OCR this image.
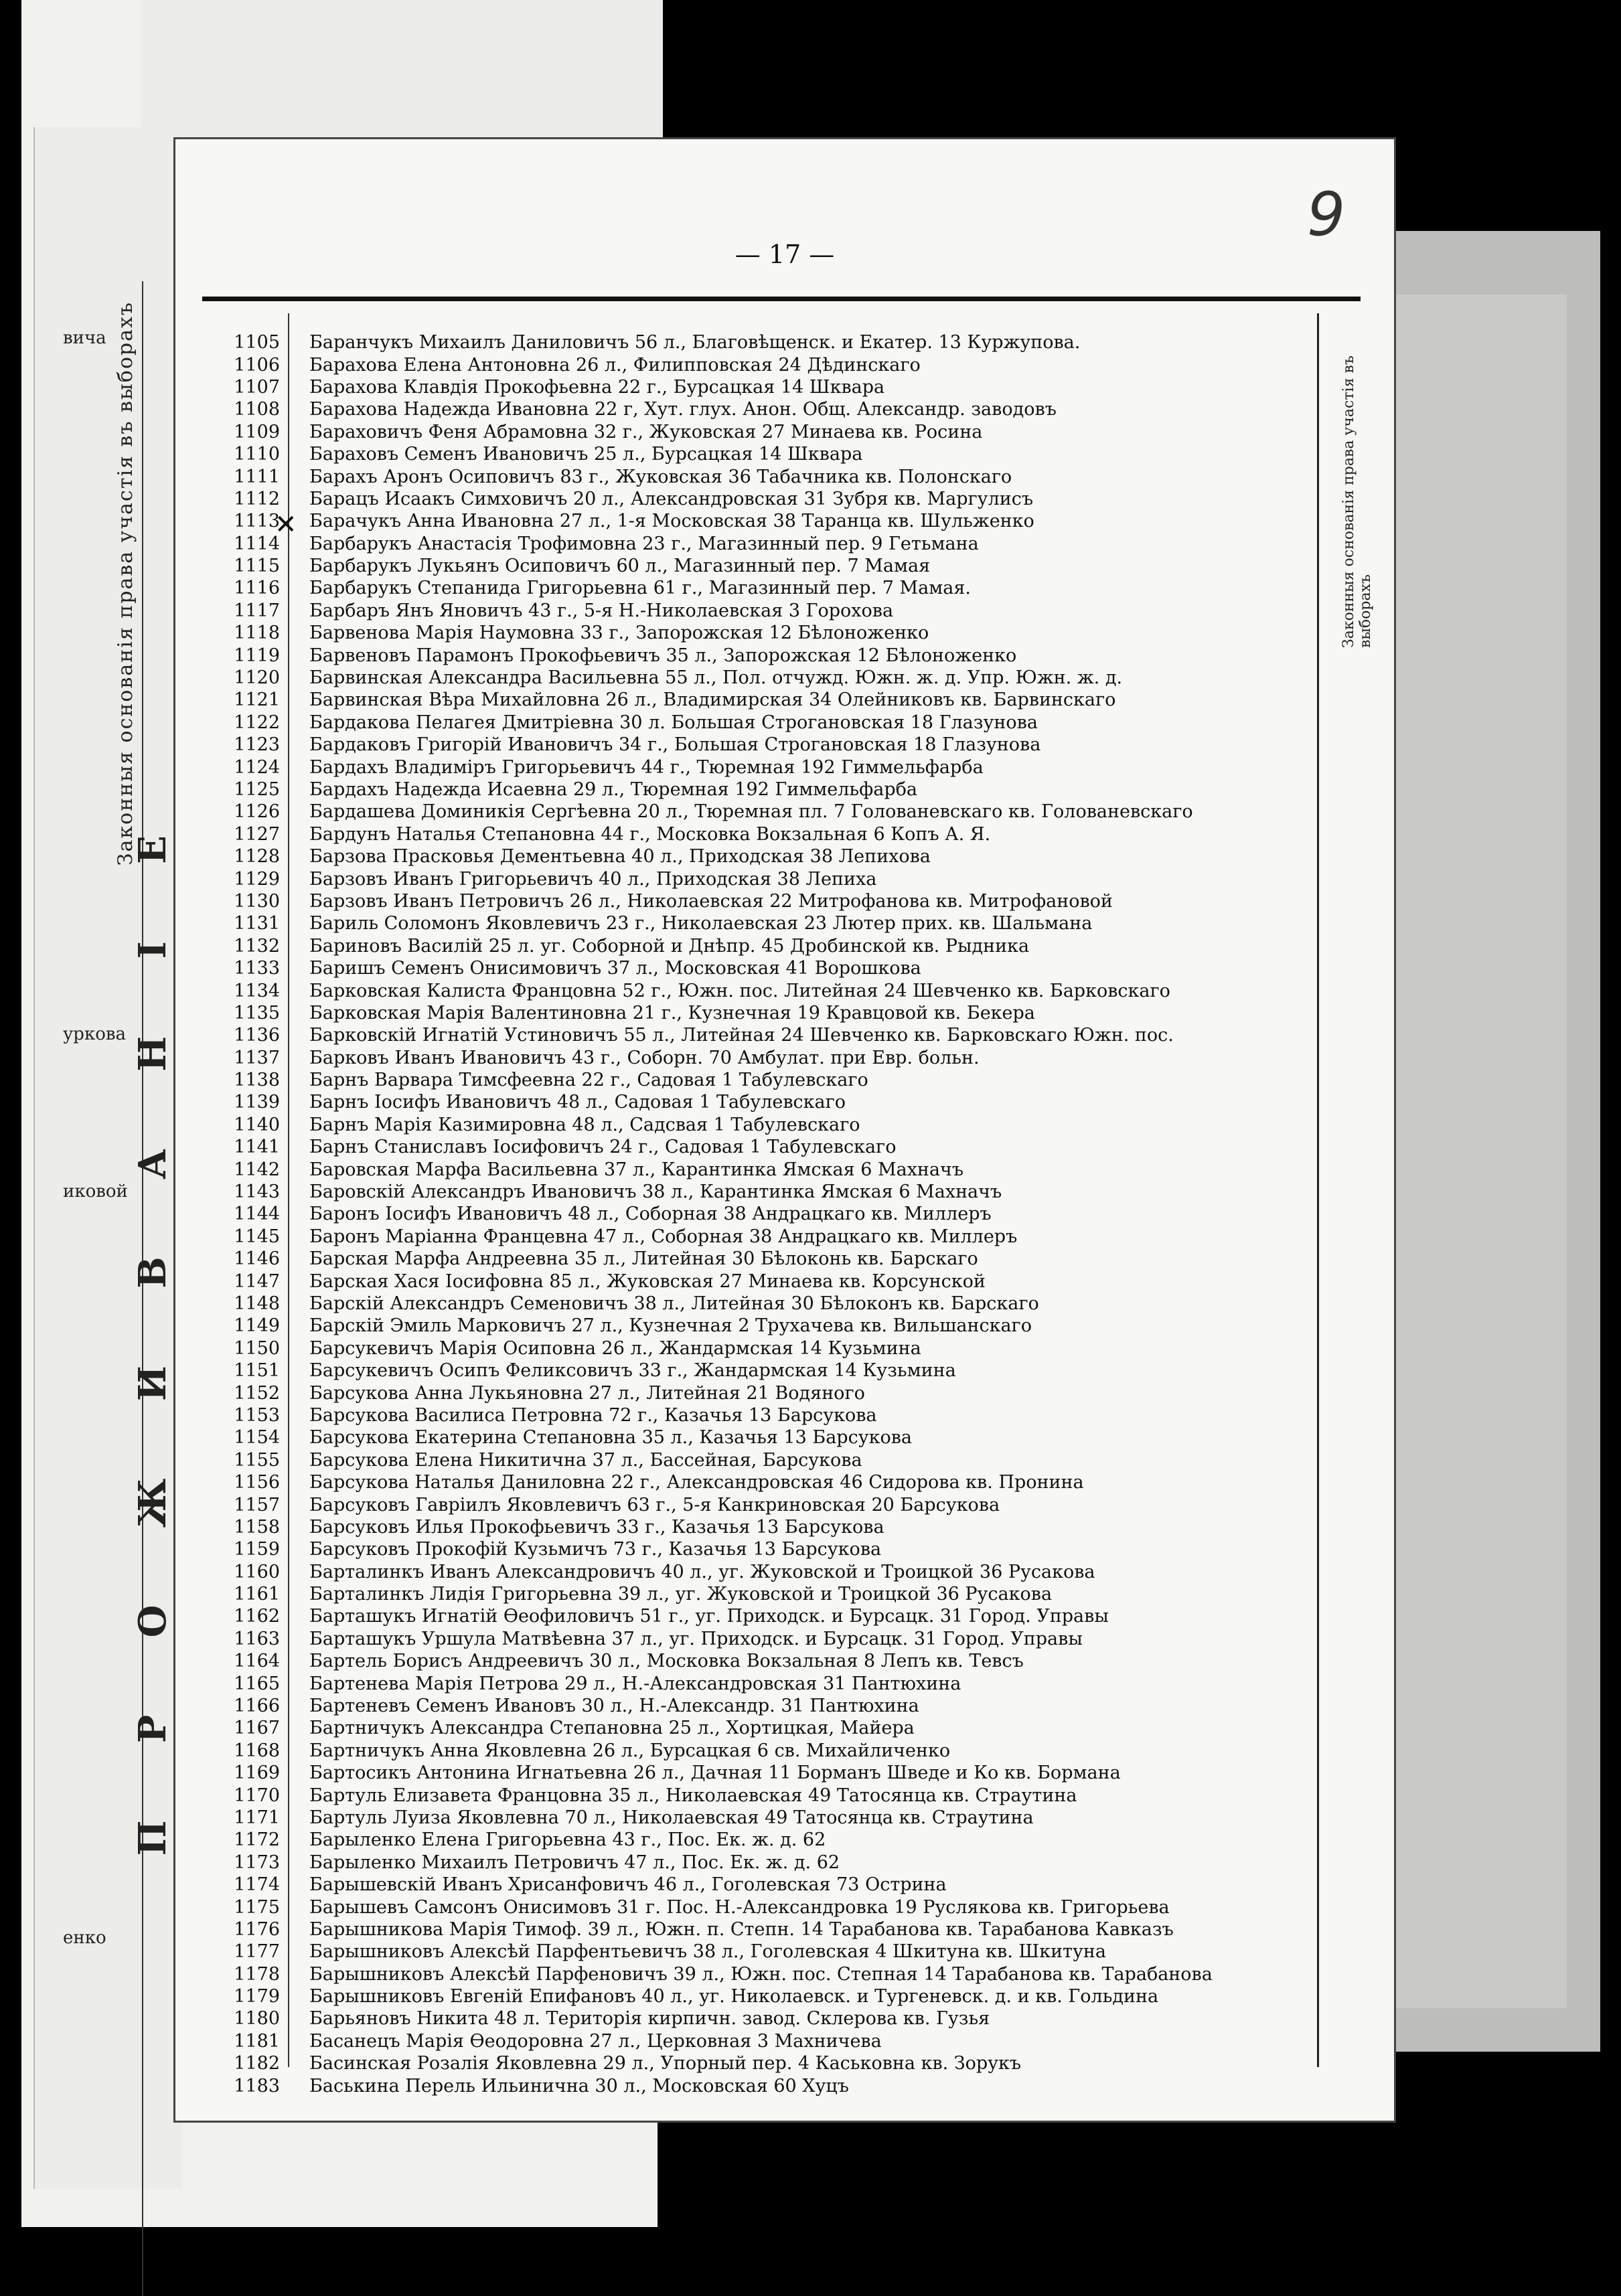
вича
уркова
иковой
енко
Законныя основанія права участія въ выборахъ
П Р О Ж И В А Н І Е
9
— 17 —
Законныя основанія права участія въ выборахъ
✕
1105	Баранчукъ Михаилъ Даниловичъ 56 л., Благовѣщенск. и Екатер. 13 Куржупова.
1106	Барахова Елена Антоновна 26 л., Филипповская 24 Дѣдинскаго
1107	Барахова Клавдія Прокофьевна 22 г., Бурсацкая 14 Шквара
1108	Барахова Надежда Ивановна 22 г, Хут. глух. Анон. Общ. Александр. заводовъ
1109	Бараховичъ Феня Абрамовна 32 г., Жуковская 27 Минаева кв. Росина
1110	Бараховъ Семенъ Ивановичъ 25 л., Бурсацкая 14 Шквара
1111	Барахъ Аронъ Осиповичъ 83 г., Жуковская 36 Табачника кв. Полонскаго
1112	Барацъ Исаакъ Симховичъ 20 л., Александровская 31 Зубря кв. Маргулисъ
1113	Барачукъ Анна Ивановна 27 л., 1-я Московская 38 Таранца кв. Шульженко
1114	Барбарукъ Анастасія Трофимовна 23 г., Магазинный пер. 9 Гетьмана
1115	Барбарукъ Лукьянъ Осиповичъ 60 л., Магазинный пер. 7 Мамая
1116	Барбарукъ Степанида Григорьевна 61 г., Магазинный пер. 7 Мамая.
1117	Барбаръ Янъ Яновичъ 43 г., 5-я Н.-Николаевская 3 Горохова
1118	Барвенова Марія Наумовна 33 г., Запорожская 12 Бѣлоноженко
1119	Барвеновъ Парамонъ Прокофьевичъ 35 л., Запорожская 12 Бѣлоноженко
1120	Барвинская Александра Васильевна 55 л., Пол. отчужд. Южн. ж. д. Упр. Южн. ж. д.
1121	Барвинская Вѣра Михайловна 26 л., Владимирская 34 Олейниковъ кв. Барвинскаго
1122	Бардакова Пелагея Дмитріевна 30 л. Большая Строгановская 18 Глазунова
1123	Бардаковъ Григорій Ивановичъ 34 г., Большая Строгановская 18 Глазунова
1124	Бардахъ Владиміръ Григорьевичъ 44 г., Тюремная 192 Гиммельфарба
1125	Бардахъ Надежда Исаевна 29 л., Тюремная 192 Гиммельфарба
1126	Бардашева Доминикія Сергѣевна 20 л., Тюремная пл. 7 Голованевскаго кв. Голованевскаго
1127	Бардунъ Наталья Степановна 44 г., Московка Вокзальная 6 Копъ А. Я.
1128	Барзова Прасковья Дементьевна 40 л., Приходская 38 Лепихова
1129	Барзовъ Иванъ Григорьевичъ 40 л., Приходская 38 Лепиха
1130	Барзовъ Иванъ Петровичъ 26 л., Николаевская 22 Митрофанова кв. Митрофановой
1131	Бариль Соломонъ Яковлевичъ 23 г., Николаевская 23 Лютер прих. кв. Шальмана
1132	Бариновъ Василій 25 л. уг. Соборной и Днѣпр. 45 Дробинской кв. Рыдника
1133	Баришъ Семенъ Онисимовичъ 37 л., Московская 41 Ворошкова
1134	Барковская Калиста Францовна 52 г., Южн. пос. Литейная 24 Шевченко кв. Барковскаго
1135	Барковская Марія Валентиновна 21 г., Кузнечная 19 Кравцовой кв. Бекера
1136	Барковскій Игнатій Устиновичъ 55 л., Литейная 24 Шевченко кв. Барковскаго Южн. пос.
1137	Барковъ Иванъ Ивановичъ 43 г., Соборн. 70 Амбулат. при Евр. больн.
1138	Барнъ Варвара Тимсфеевна 22 г., Садовая 1 Табулевскаго
1139	Барнъ Іосифъ Ивановичъ 48 л., Садовая 1 Табулевскаго
1140	Барнъ Марія Казимировна 48 л., Садсвая 1 Табулевскаго
1141	Барнъ Станиславъ Іосифовичъ 24 г., Садовая 1 Табулевскаго
1142	Баровская Марфа Васильевна 37 л., Карантинка Ямская 6 Махначъ
1143	Баровскій Александръ Ивановичъ 38 л., Карантинка Ямская 6 Махначъ
1144	Баронъ Іосифъ Ивановичъ 48 л., Соборная 38 Андрацкаго кв. Миллеръ
1145	Баронъ Маріанна Францевна 47 л., Соборная 38 Андрацкаго кв. Миллеръ
1146	Барская Марфа Андреевна 35 л., Литейная 30 Бѣлоконь кв. Барскаго
1147	Барская Хася Іосифовна 85 л., Жуковская 27 Минаева кв. Корсунской
1148	Барскій Александръ Семеновичъ 38 л., Литейная 30 Бѣлоконъ кв. Барскаго
1149	Барскій Эмиль Марковичъ 27 л., Кузнечная 2 Трухачева кв. Вильшанскаго
1150	Барсукевичъ Марія Осиповна 26 л., Жандармская 14 Кузьмина
1151	Барсукевичъ Осипъ Феликсовичъ 33 г., Жандармская 14 Кузьмина
1152	Барсукова Анна Лукьяновна 27 л., Литейная 21 Водяного
1153	Барсукова Василиса Петровна 72 г., Казачья 13 Барсукова
1154	Барсукова Екатерина Степановна 35 л., Казачья 13 Барсукова
1155	Барсукова Елена Никитична 37 л., Бассейная, Барсукова
1156	Барсукова Наталья Даниловна 22 г., Александровская 46 Сидорова кв. Пронина
1157	Барсуковъ Гавріилъ Яковлевичъ 63 г., 5-я Канкриновская 20 Барсукова
1158	Барсуковъ Илья Прокофьевичъ 33 г., Казачья 13 Барсукова
1159	Барсуковъ Прокофій Кузьмичъ 73 г., Казачья 13 Барсукова
1160	Барталинкъ Иванъ Александровичъ 40 л., уг. Жуковской и Троицкой 36 Русакова
1161	Барталинкъ Лидія Григорьевна 39 л., уг. Жуковской и Троицкой 36 Русакова
1162	Барташукъ Игнатій Өеофиловичъ 51 г., уг. Приходск. и Бурсацк. 31 Город. Управы
1163	Барташукъ Уршула Матвѣевна 37 л., уг. Приходск. и Бурсацк. 31 Город. Управы
1164	Бартель Борисъ Андреевичъ 30 л., Московка Вокзальная 8 Лепъ кв. Тевсъ
1165	Бартенева Марія Петрова 29 л., Н.-Александровская 31 Пантюхина
1166	Бартеневъ Семенъ Ивановъ 30 л., Н.-Александр. 31 Пантюхина
1167	Бартничукъ Александра Степановна 25 л., Хортицкая, Майера
1168	Бартничукъ Анна Яковлевна 26 л., Бурсацкая 6 св. Михайличенко
1169	Бартосикъ Антонина Игнатьевна 26 л., Дачная 11 Борманъ Шведе и Ко кв. Бормана
1170	Бартуль Елизавета Францовна 35 л., Николаевская 49 Татосянца кв. Страутина
1171	Бартуль Луиза Яковлевна 70 л., Николаевская 49 Татосянца кв. Страутина
1172	Барыленко Елена Григорьевна 43 г., Пос. Ек. ж. д. 62
1173	Барыленко Михаилъ Петровичъ 47 л., Пос. Ек. ж. д. 62
1174	Барышевскій Иванъ Хрисанфовичъ 46 л., Гоголевская 73 Острина
1175	Барышевъ Самсонъ Онисимовъ 31 г. Пос. Н.-Александровка 19 Руслякова кв. Григорьева
1176	Барышникова Марія Тимоф. 39 л., Южн. п. Степн. 14 Тарабанова кв. Тарабанова Кавказъ
1177	Барышниковъ Алексѣй Парфентьевичъ 38 л., Гоголевская 4 Шкитуна кв. Шкитуна
1178	Барышниковъ Алексѣй Парфеновичъ 39 л., Южн. пос. Степная 14 Тарабанова кв. Тарабанова
1179	Барышниковъ Евгеній Епифановъ 40 л., уг. Николаевск. и Тургеневск. д. и кв. Гольдина
1180	Барьяновъ Никита 48 л. Територія кирпичн. завод. Склерова кв. Гузья
1181	Басанецъ Марія Өеодоровна 27 л., Церковная 3 Махничева
1182	Басинская Розалія Яковлевна 29 л., Упорный пер. 4 Каськовна кв. Зорукъ
1183	Баськина Перель Ильинична 30 л., Московская 60 Хуцъ
